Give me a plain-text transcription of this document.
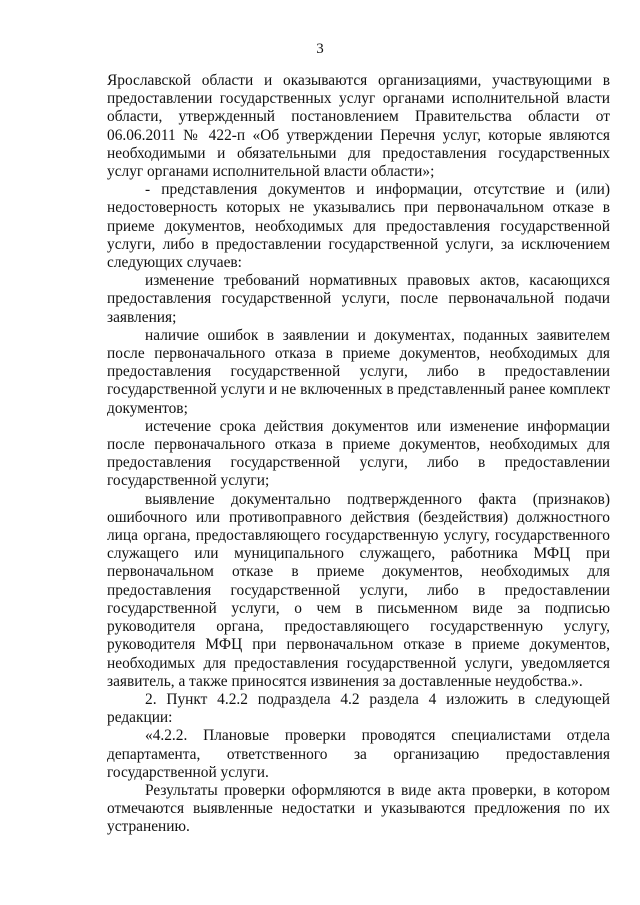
3

Ярославской области и оказываются организациями, участвующими в предоставлении государственных услуг органами исполнительной власти области, утвержденный постановлением Правительства области от 06.06.2011 № 422-п «Об утверждении Перечня услуг, которые являются необходимыми и обязательными для предоставления государственных услуг органами исполнительной власти области»;

- представления документов и информации, отсутствие и (или) недостоверность которых не указывались при первоначальном отказе в приеме документов, необходимых для предоставления государственной услуги, либо в предоставлении государственной услуги, за исключением следующих случаев:

изменение требований нормативных правовых актов, касающихся предоставления государственной услуги, после первоначальной подачи заявления;

наличие ошибок в заявлении и документах, поданных заявителем после первоначального отказа в приеме документов, необходимых для предоставления государственной услуги, либо в предоставлении государственной услуги и не включенных в представленный ранее комплект документов;

истечение срока действия документов или изменение информации после первоначального отказа в приеме документов, необходимых для предоставления государственной услуги, либо в предоставлении государственной услуги;

выявление документально подтвержденного факта (признаков) ошибочного или противоправного действия (бездействия) должностного лица органа, предоставляющего государственную услугу, государственного служащего или муниципального служащего, работника МФЦ при первоначальном отказе в приеме документов, необходимых для предоставления государственной услуги, либо в предоставлении государственной услуги, о чем в письменном виде за подписью руководителя органа, предоставляющего государственную услугу, руководителя МФЦ при первоначальном отказе в приеме документов, необходимых для предоставления государственной услуги, уведомляется заявитель, а также приносятся извинения за доставленные неудобства.».

2. Пункт 4.2.2 подраздела 4.2 раздела 4 изложить в следующей редакции:

«4.2.2. Плановые проверки проводятся специалистами отдела департамента, ответственного за организацию предоставления государственной услуги.

Результаты проверки оформляются в виде акта проверки, в котором отмечаются выявленные недостатки и указываются предложения по их устранению.
